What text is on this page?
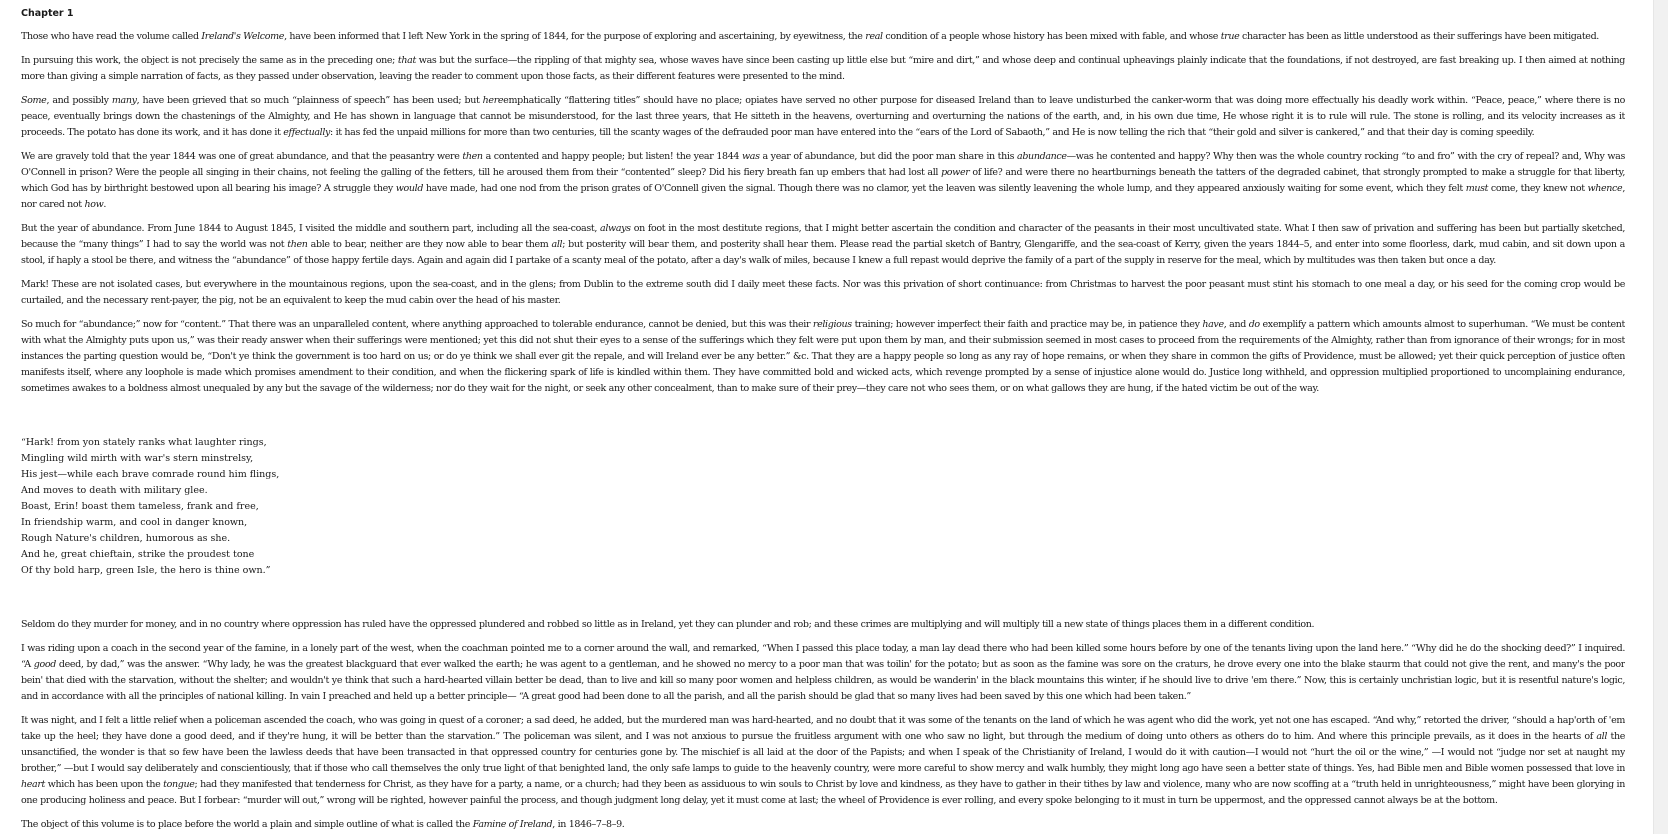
Chapter 1

Those who have read the volume called Ireland's Welcome, have been informed that I left New York in the spring of 1844, for the purpose of exploring and ascertaining, by eyewitness, the real condition of a people whose history has been mixed with fable, and whose true character has been as little understood as their sufferings have been mitigated.

In pursuing this work, the object is not precisely the same as in the preceding one; that was but the surface—the rippling of that mighty sea, whose waves have since been casting up little else but “mire and dirt,” and whose deep and continual upheavings plainly indicate that the foundations, if not destroyed, are fast breaking up. I then aimed at nothing more than giving a simple narration of facts, as they passed under observation, leaving the reader to comment upon those facts, as their different features were presented to the mind.

Some, and possibly many, have been grieved that so much “plainness of speech” has been used; but hereemphatically “flattering titles” should have no place; opiates have served no other purpose for diseased Ireland than to leave undisturbed the canker-worm that was doing more effectually his deadly work within. “Peace, peace,” where there is no peace, eventually brings down the chastenings of the Almighty, and He has shown in language that cannot be misunderstood, for the last three years, that He sitteth in the heavens, overturning and overturning the nations of the earth, and, in his own due time, He whose right it is to rule will rule. The stone is rolling, and its velocity increases as it proceeds. The potato has done its work, and it has done it effectually: it has fed the unpaid millions for more than two centuries, till the scanty wages of the defrauded poor man have entered into the “ears of the Lord of Sabaoth,” and He is now telling the rich that “their gold and silver is cankered,” and that their day is coming speedily.

We are gravely told that the year 1844 was one of great abundance, and that the peasantry were then a contented and happy people; but listen! the year 1844 was a year of abundance, but did the poor man share in this abundance—was he contented and happy? Why then was the whole country rocking “to and fro” with the cry of repeal? and, Why was O'Connell in prison? Were the people all singing in their chains, not feeling the galling of the fetters, till he aroused them from their “contented” sleep? Did his fiery breath fan up embers that had lost all power of life? and were there no heartburnings beneath the tatters of the degraded cabinet, that strongly prompted to make a struggle for that liberty, which God has by birthright bestowed upon all bearing his image? A struggle they would have made, had one nod from the prison grates of O'Connell given the signal. Though there was no clamor, yet the leaven was silently leavening the whole lump, and they appeared anxiously waiting for some event, which they felt must come, they knew not whence, nor cared not how.

But the year of abundance. From June 1844 to August 1845, I visited the middle and southern part, including all the sea-coast, always on foot in the most destitute regions, that I might better ascertain the condition and character of the peasants in their most uncultivated state. What I then saw of privation and suffering has been but partially sketched, because the “many things” I had to say the world was not then able to bear, neither are they now able to bear them all; but posterity will bear them, and posterity shall hear them. Please read the partial sketch of Bantry, Glengariffe, and the sea-coast of Kerry, given the years 1844–5, and enter into some floorless, dark, mud cabin, and sit down upon a stool, if haply a stool be there, and witness the “abundance” of those happy fertile days. Again and again did I partake of a scanty meal of the potato, after a day's walk of miles, because I knew a full repast would deprive the family of a part of the supply in reserve for the meal, which by multitudes was then taken but once a day.

Mark! These are not isolated cases, but everywhere in the mountainous regions, upon the sea-coast, and in the glens; from Dublin to the extreme south did I daily meet these facts. Nor was this privation of short continuance: from Christmas to harvest the poor peasant must stint his stomach to one meal a day, or his seed for the coming crop would be curtailed, and the necessary rent-payer, the pig, not be an equivalent to keep the mud cabin over the head of his master.

So much for “abundance;” now for “content.” That there was an unparalleled content, where anything approached to tolerable endurance, cannot be denied, but this was their religious training; however imperfect their faith and practice may be, in patience they have, and do exemplify a pattern which amounts almost to superhuman. “We must be content with what the Almighty puts upon us,” was their ready answer when their sufferings were mentioned; yet this did not shut their eyes to a sense of the sufferings which they felt were put upon them by man, and their submission seemed in most cases to proceed from the requirements of the Almighty, rather than from ignorance of their wrongs; for in most instances the parting question would be, “Don't ye think the government is too hard on us; or do ye think we shall ever git the repale, and will Ireland ever be any better.” &c. That they are a happy people so long as any ray of hope remains, or when they share in common the gifts of Providence, must be allowed; yet their quick perception of justice often manifests itself, where any loophole is made which promises amendment to their condition, and when the flickering spark of life is kindled within them. They have committed bold and wicked acts, which revenge prompted by a sense of injustice alone would do. Justice long withheld, and oppression multiplied proportioned to uncomplaining endurance, sometimes awakes to a boldness almost unequaled by any but the savage of the wilderness; nor do they wait for the night, or seek any other concealment, than to make sure of their prey—they care not who sees them, or on what gallows they are hung, if the hated victim be out of the way.

“Hark! from yon stately ranks what laughter rings,
Mingling wild mirth with war's stern minstrelsy,
His jest—while each brave comrade round him flings,
And moves to death with military glee.
Boast, Erin! boast them tameless, frank and free,
In friendship warm, and cool in danger known,
Rough Nature's children, humorous as she.
And he, great chieftain, strike the proudest tone
Of thy bold harp, green Isle, the hero is thine own.”

Seldom do they murder for money, and in no country where oppression has ruled have the oppressed plundered and robbed so little as in Ireland, yet they can plunder and rob; and these crimes are multiplying and will multiply till a new state of things places them in a different condition.

I was riding upon a coach in the second year of the famine, in a lonely part of the west, when the coachman pointed me to a corner around the wall, and remarked, “When I passed this place today, a man lay dead there who had been killed some hours before by one of the tenants living upon the land here.” “Why did he do the shocking deed?” I inquired. “A good deed, by dad,” was the answer. “Why lady, he was the greatest blackguard that ever walked the earth; he was agent to a gentleman, and he showed no mercy to a poor man that was toilin' for the potato; but as soon as the famine was sore on the craturs, he drove every one into the blake staurm that could not give the rent, and many's the poor bein' that died with the starvation, without the shelter; and wouldn't ye think that such a hard-hearted villain better be dead, than to live and kill so many poor women and helpless children, as would be wanderin' in the black mountains this winter, if he should live to drive 'em there.” Now, this is certainly unchristian logic, but it is resentful nature's logic, and in accordance with all the principles of national killing. In vain I preached and held up a better principle— “A great good had been done to all the parish, and all the parish should be glad that so many lives had been saved by this one which had been taken.”

It was night, and I felt a little relief when a policeman ascended the coach, who was going in quest of a coroner; a sad deed, he added, but the murdered man was hard-hearted, and no doubt that it was some of the tenants on the land of which he was agent who did the work, yet not one has escaped. “And why,” retorted the driver, “should a hap'orth of 'em take up the heel; they have done a good deed, and if they're hung, it will be better than the starvation.” The policeman was silent, and I was not anxious to pursue the fruitless argument with one who saw no light, but through the medium of doing unto others as others do to him. And where this principle prevails, as it does in the hearts of all the unsanctified, the wonder is that so few have been the lawless deeds that have been transacted in that oppressed country for centuries gone by. The mischief is all laid at the door of the Papists; and when I speak of the Christianity of Ireland, I would do it with caution—I would not “hurt the oil or the wine,” —I would not “judge nor set at naught my brother,” —but I would say deliberately and conscientiously, that if those who call themselves the only true light of that benighted land, the only safe lamps to guide to the heavenly country, were more careful to show mercy and walk humbly, they might long ago have seen a better state of things. Yes, had Bible men and Bible women possessed that love in heart which has been upon the tongue; had they manifested that tenderness for Christ, as they have for a party, a name, or a church; had they been as assiduous to win souls to Christ by love and kindness, as they have to gather in their tithes by law and violence, many who are now scoffing at a “truth held in unrighteousness,” might have been glorying in one producing holiness and peace. But I forbear: “murder will out,” wrong will be righted, however painful the process, and though judgment long delay, yet it must come at last; the wheel of Providence is ever rolling, and every spoke belonging to it must in turn be uppermost, and the oppressed cannot always be at the bottom.

The object of this volume is to place before the world a plain and simple outline of what is called the Famine of Ireland, in 1846–7–8–9.
